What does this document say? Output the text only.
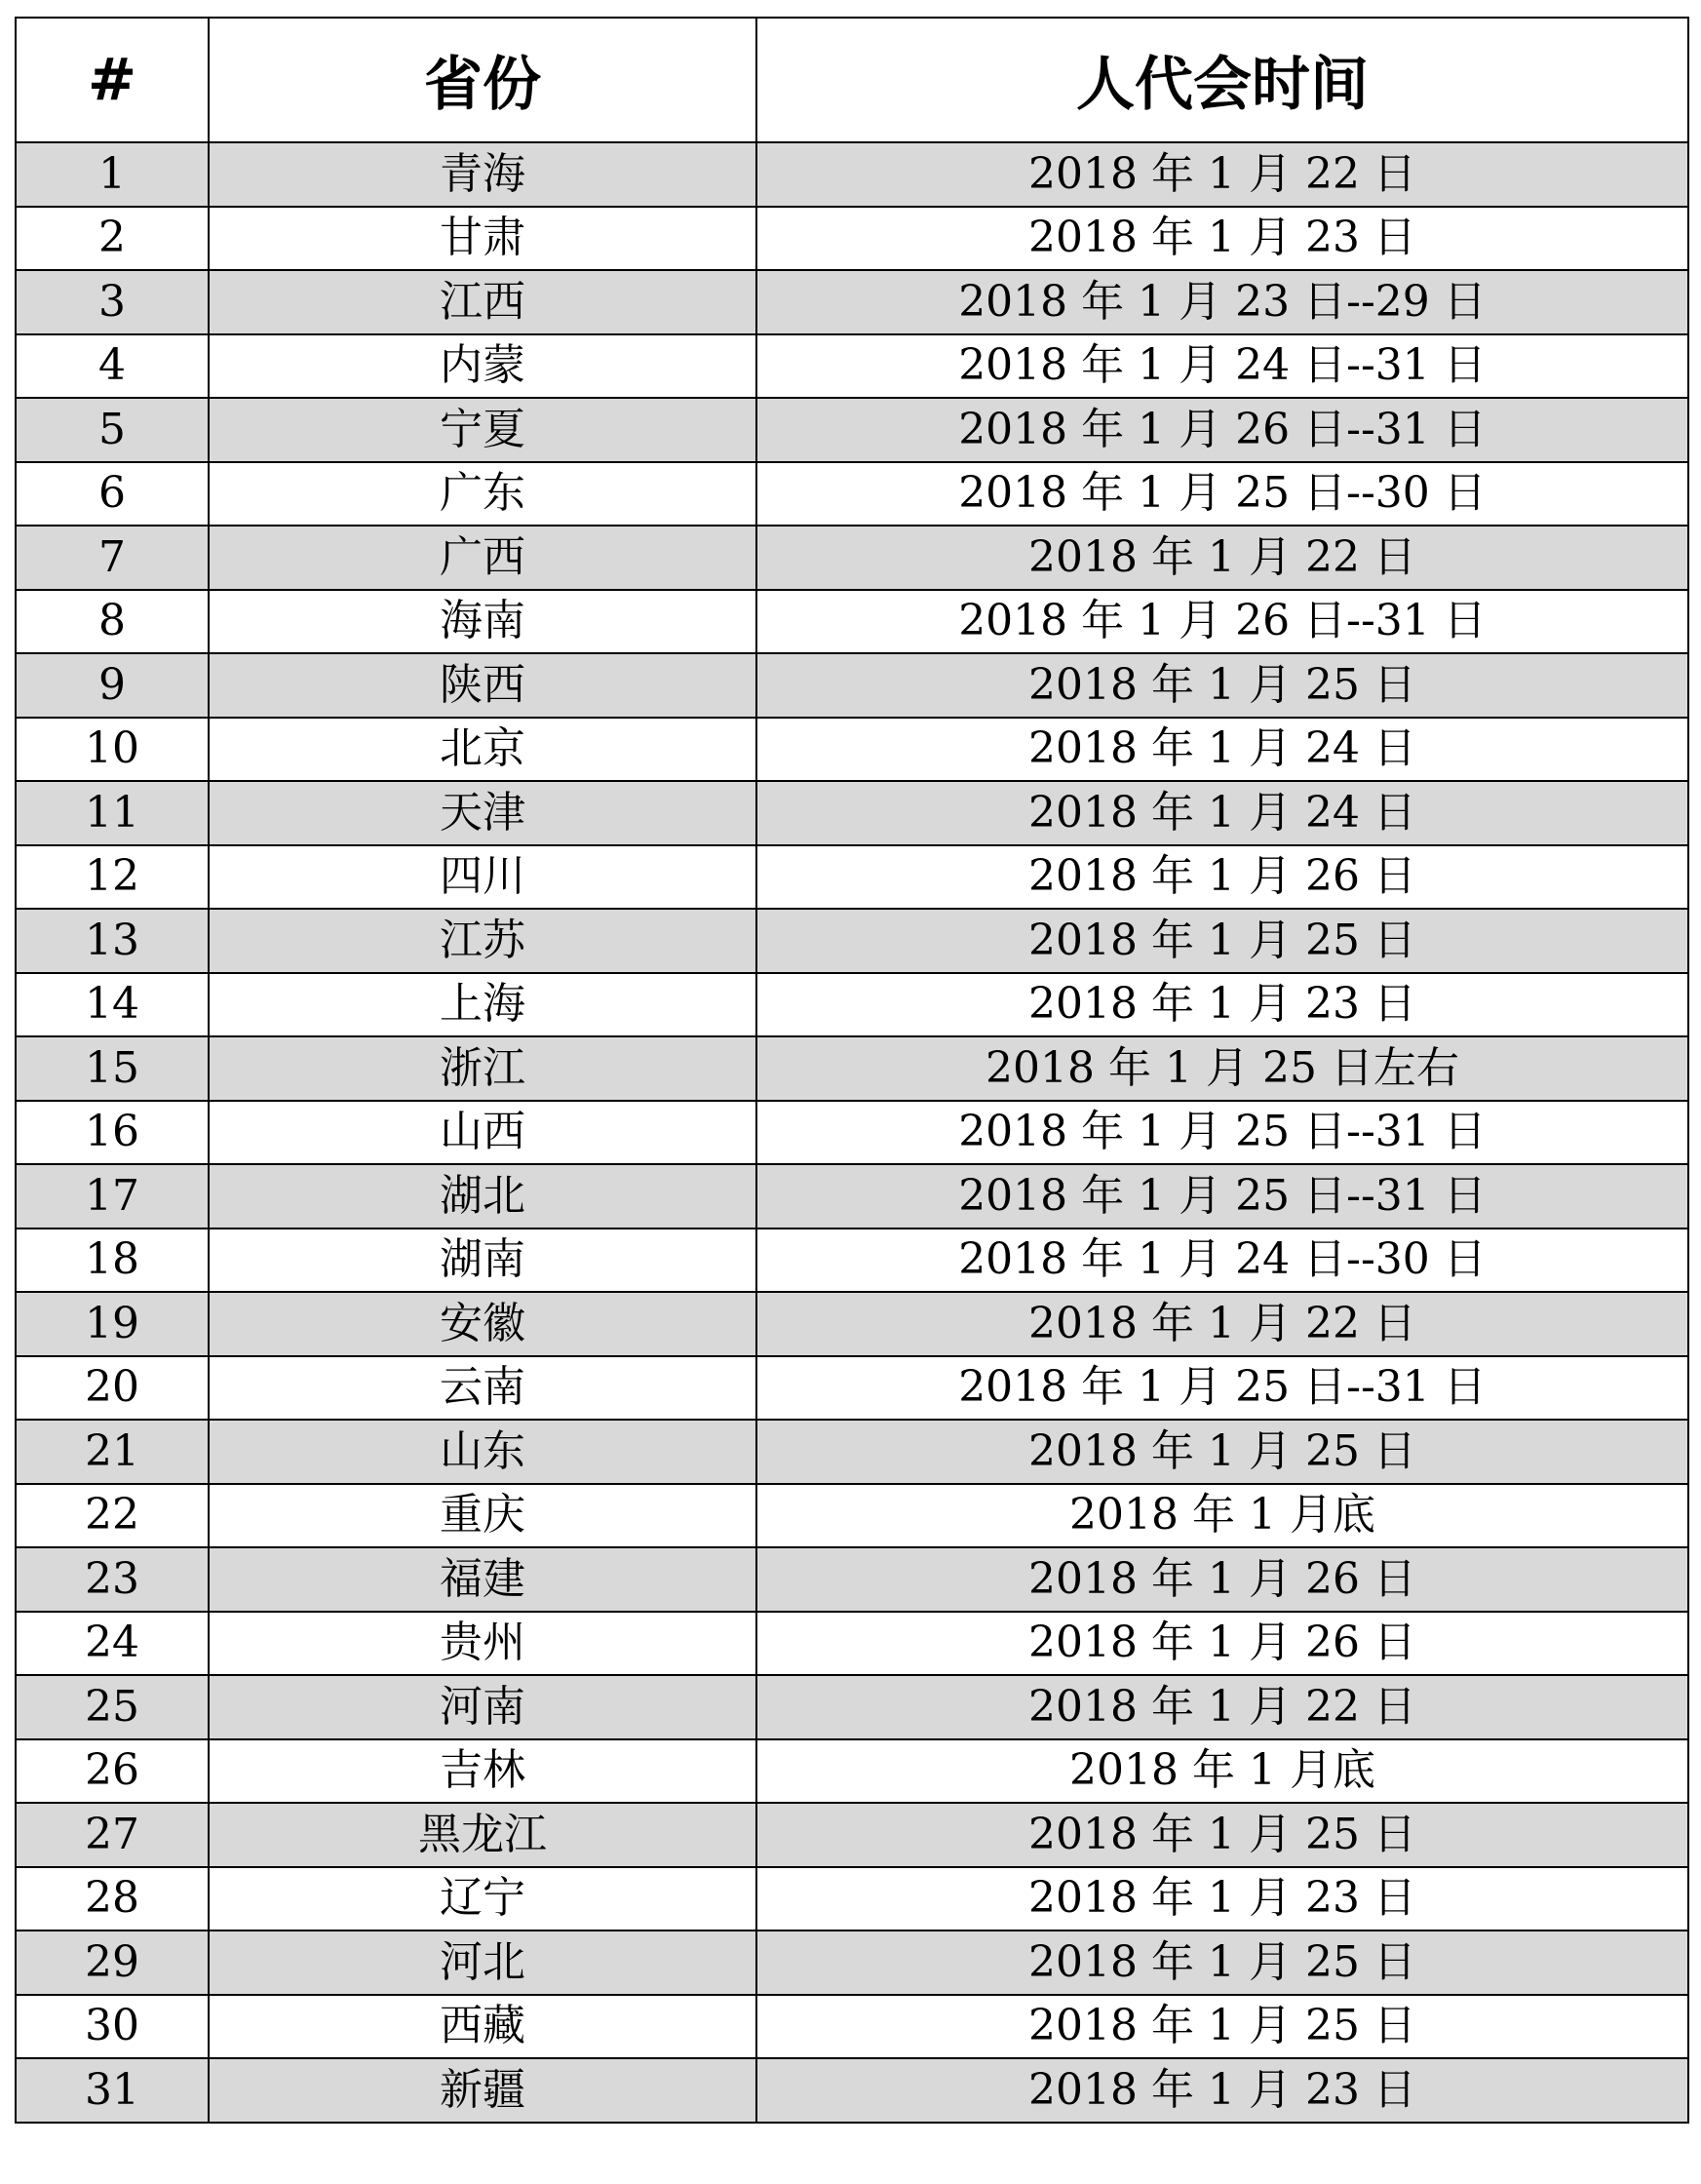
#	省份	人代会时间
1	青海	2018 年 1 月 22 日
2	甘肃	2018 年 1 月 23 日
3	江西	2018 年 1 月 23 日--29 日
4	内蒙	2018 年 1 月 24 日--31 日
5	宁夏	2018 年 1 月 26 日--31 日
6	广东	2018 年 1 月 25 日--30 日
7	广西	2018 年 1 月 22 日
8	海南	2018 年 1 月 26 日--31 日
9	陕西	2018 年 1 月 25 日
10	北京	2018 年 1 月 24 日
11	天津	2018 年 1 月 24 日
12	四川	2018 年 1 月 26 日
13	江苏	2018 年 1 月 25 日
14	上海	2018 年 1 月 23 日
15	浙江	2018 年 1 月 25 日左右
16	山西	2018 年 1 月 25 日--31 日
17	湖北	2018 年 1 月 25 日--31 日
18	湖南	2018 年 1 月 24 日--30 日
19	安徽	2018 年 1 月 22 日
20	云南	2018 年 1 月 25 日--31 日
21	山东	2018 年 1 月 25 日
22	重庆	2018 年 1 月底
23	福建	2018 年 1 月 26 日
24	贵州	2018 年 1 月 26 日
25	河南	2018 年 1 月 22 日
26	吉林	2018 年 1 月底
27	黑龙江	2018 年 1 月 25 日
28	辽宁	2018 年 1 月 23 日
29	河北	2018 年 1 月 25 日
30	西藏	2018 年 1 月 25 日
31	新疆	2018 年 1 月 23 日
